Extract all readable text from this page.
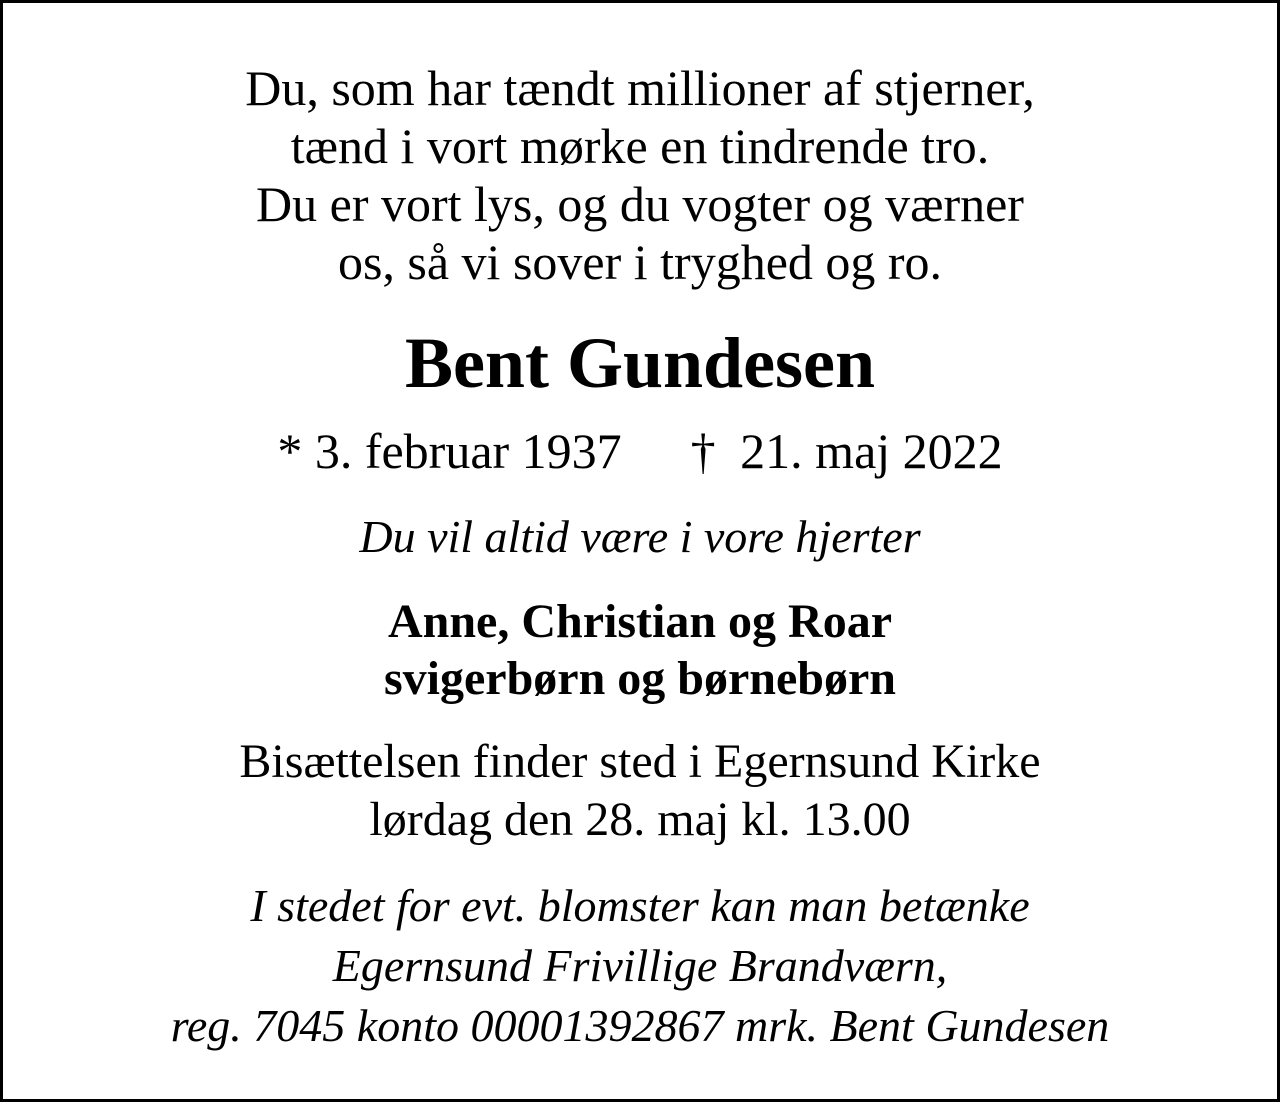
Du, som har tændt millioner af stjerner,
tænd i vort mørke en tindrende tro.
Du er vort lys, og du vogter og værner
os, så vi sover i tryghed og ro.
Bent Gundesen
* 3. februar 1937 † 21. maj 2022
Du vil altid være i vore hjerter
Anne, Christian og Roar
svigerbørn og børnebørn
Bisættelsen finder sted i Egernsund Kirke
lørdag den 28. maj kl. 13.00
I stedet for evt. blomster kan man betænke
Egernsund Frivillige Brandværn,
reg. 7045 konto 00001392867 mrk. Bent Gundesen
